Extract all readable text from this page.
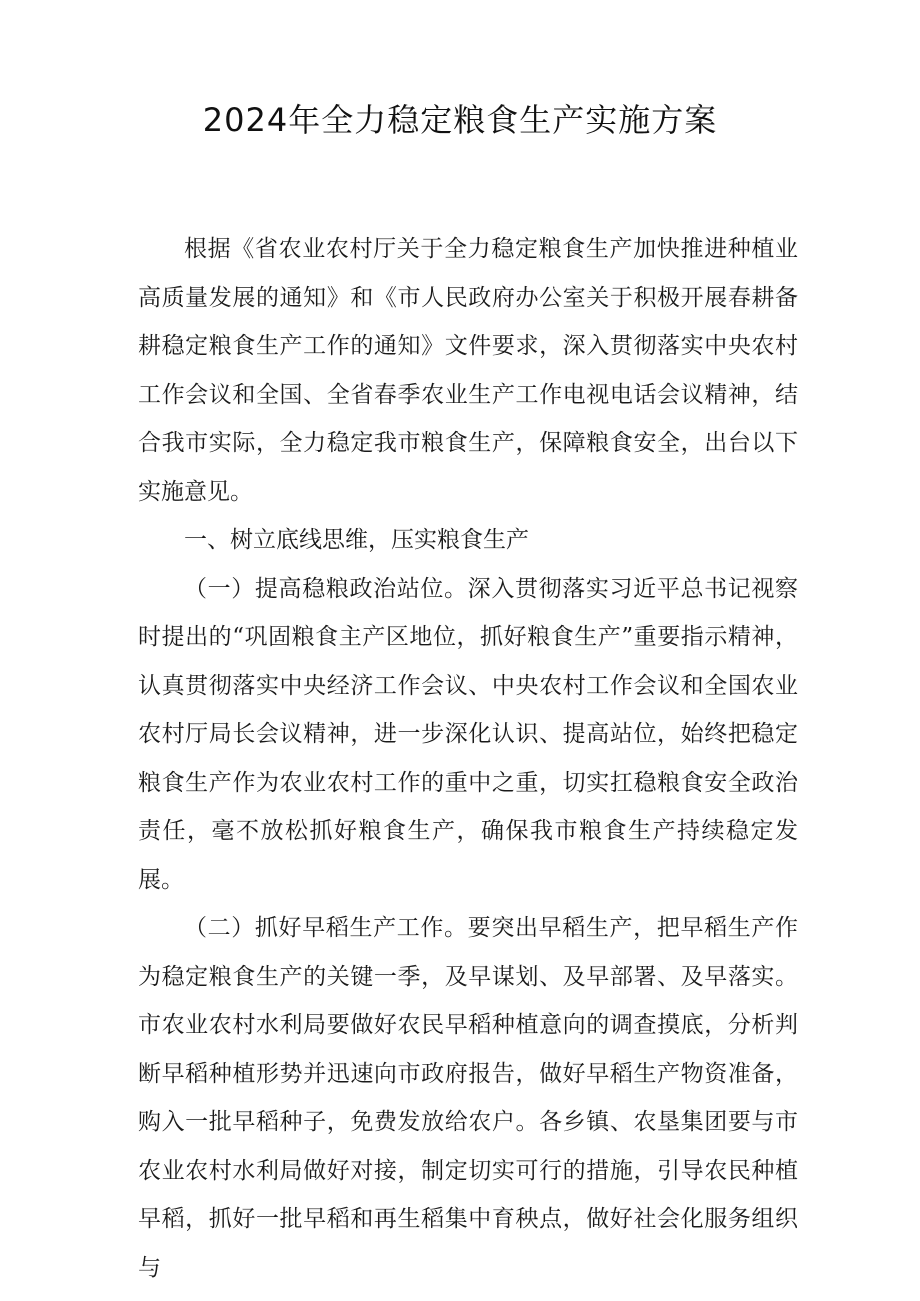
2024年全力稳定粮食生产实施方案

根据《省农业农村厅关于全力稳定粮食生产加快推进种植业高质量发展的通知》和《市人民政府办公室关于积极开展春耕备耕稳定粮食生产工作的通知》文件要求，深入贯彻落实中央农村工作会议和全国、全省春季农业生产工作电视电话会议精神，结合我市实际，全力稳定我市粮食生产，保障粮食安全，出台以下实施意见。

一、树立底线思维，压实粮食生产

（一）提高稳粮政治站位。深入贯彻落实习近平总书记视察时提出的“巩固粮食主产区地位，抓好粮食生产”重要指示精神，认真贯彻落实中央经济工作会议、中央农村工作会议和全国农业农村厅局长会议精神，进一步深化认识、提高站位，始终把稳定粮食生产作为农业农村工作的重中之重，切实扛稳粮食安全政治责任，毫不放松抓好粮食生产，确保我市粮食生产持续稳定发展。

（二）抓好早稻生产工作。要突出早稻生产，把早稻生产作为稳定粮食生产的关键一季，及早谋划、及早部署、及早落实。市农业农村水利局要做好农民早稻种植意向的调查摸底，分析判断早稻种植形势并迅速向市政府报告，做好早稻生产物资准备，购入一批早稻种子，免费发放给农户。各乡镇、农垦集团要与市农业农村水利局做好对接，制定切实可行的措施，引导农民种植早稻，抓好一批早稻和再生稻集中育秧点，做好社会化服务组织与
